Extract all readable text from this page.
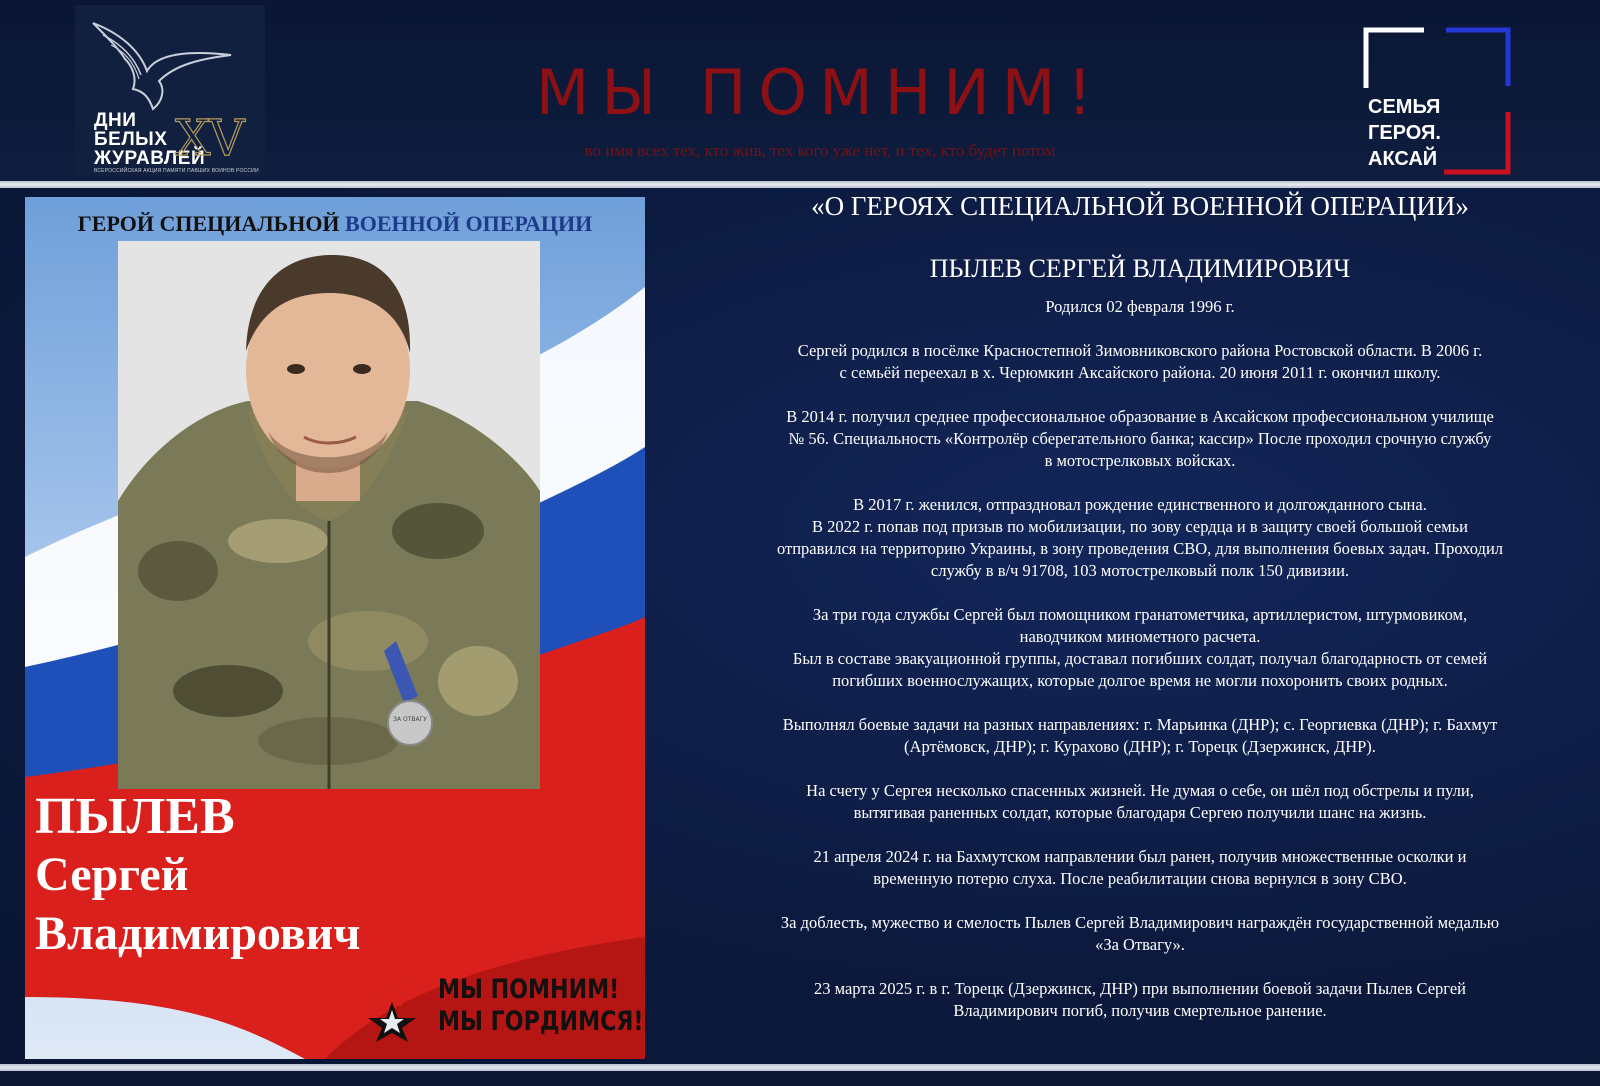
ДНИ
БЕЛЫХ
ЖУРАВЛЕЙ
XV
ВСЕРОССИЙСКАЯ АКЦИЯ ПАМЯТИ ПАВШИХ ВОИНОВ РОССИИ
МЫ ПОМНИМ!
во имя всех тех, кто жив, тех кого уже нет, и тех, кто будет потом
СЕМЬЯ
ГЕРОЯ.
АКСАЙ
ГЕРОЙ СПЕЦИАЛЬНОЙ ВОЕННОЙ ОПЕРАЦИИ
ЗА ОТВАГУ
ПЫЛЕВ
Сергей
Владимирович
МЫ ПОМНИМ!
МЫ ГОРДИМСЯ!
«О ГЕРОЯХ СПЕЦИАЛЬНОЙ ВОЕННОЙ ОПЕРАЦИИ»
ПЫЛЕВ СЕРГЕЙ ВЛАДИМИРОВИЧ
Родился 02 февраля 1996 г.
Сергей родился в посёлке Красностепной Зимовниковского района Ростовской области. В 2006 г.
с семьёй переехал в х. Черюмкин Аксайского района. 20 июня 2011 г. окончил школу.
В 2014 г. получил среднее профессиональное образование в Аксайском профессиональном училище
№ 56. Специальность «Контролёр сберегательного банка; кассир» После проходил срочную службу
в мотострелковых войсках.
В 2017 г. женился, отпраздновал рождение единственного и долгожданного сына.
В 2022 г. попав под призыв по мобилизации, по зову сердца и в защиту своей большой семьи
отправился на территорию Украины, в зону проведения СВО, для выполнения боевых задач. Проходил
службу в в/ч 91708, 103 мотострелковый полк 150 дивизии.
За три года службы Сергей был помощником гранатометчика, артиллеристом, штурмовиком,
наводчиком минометного расчета.
Был в составе эвакуационной группы, доставал погибших солдат, получал благодарность от семей
погибших военнослужащих, которые долгое время не могли похоронить своих родных.
Выполнял боевые задачи на разных направлениях: г. Марьинка (ДНР); с. Георгиевка (ДНР); г. Бахмут
(Артёмовск, ДНР); г. Курахово (ДНР); г. Торецк (Дзержинск, ДНР).
На счету у Сергея несколько спасенных жизней. Не думая о себе, он шёл под обстрелы и пули,
вытягивая раненных солдат, которые благодаря Сергею получили шанс на жизнь.
21 апреля 2024 г. на Бахмутском направлении был ранен, получив множественные осколки и
временную потерю слуха. После реабилитации снова вернулся в зону СВО.
За доблесть, мужество и смелость Пылев Сергей Владимирович награждён государственной медалью
«За Отвагу».
23 марта 2025 г. в г. Торецк (Дзержинск, ДНР) при выполнении боевой задачи Пылев Сергей
Владимирович погиб, получив смертельное ранение.
